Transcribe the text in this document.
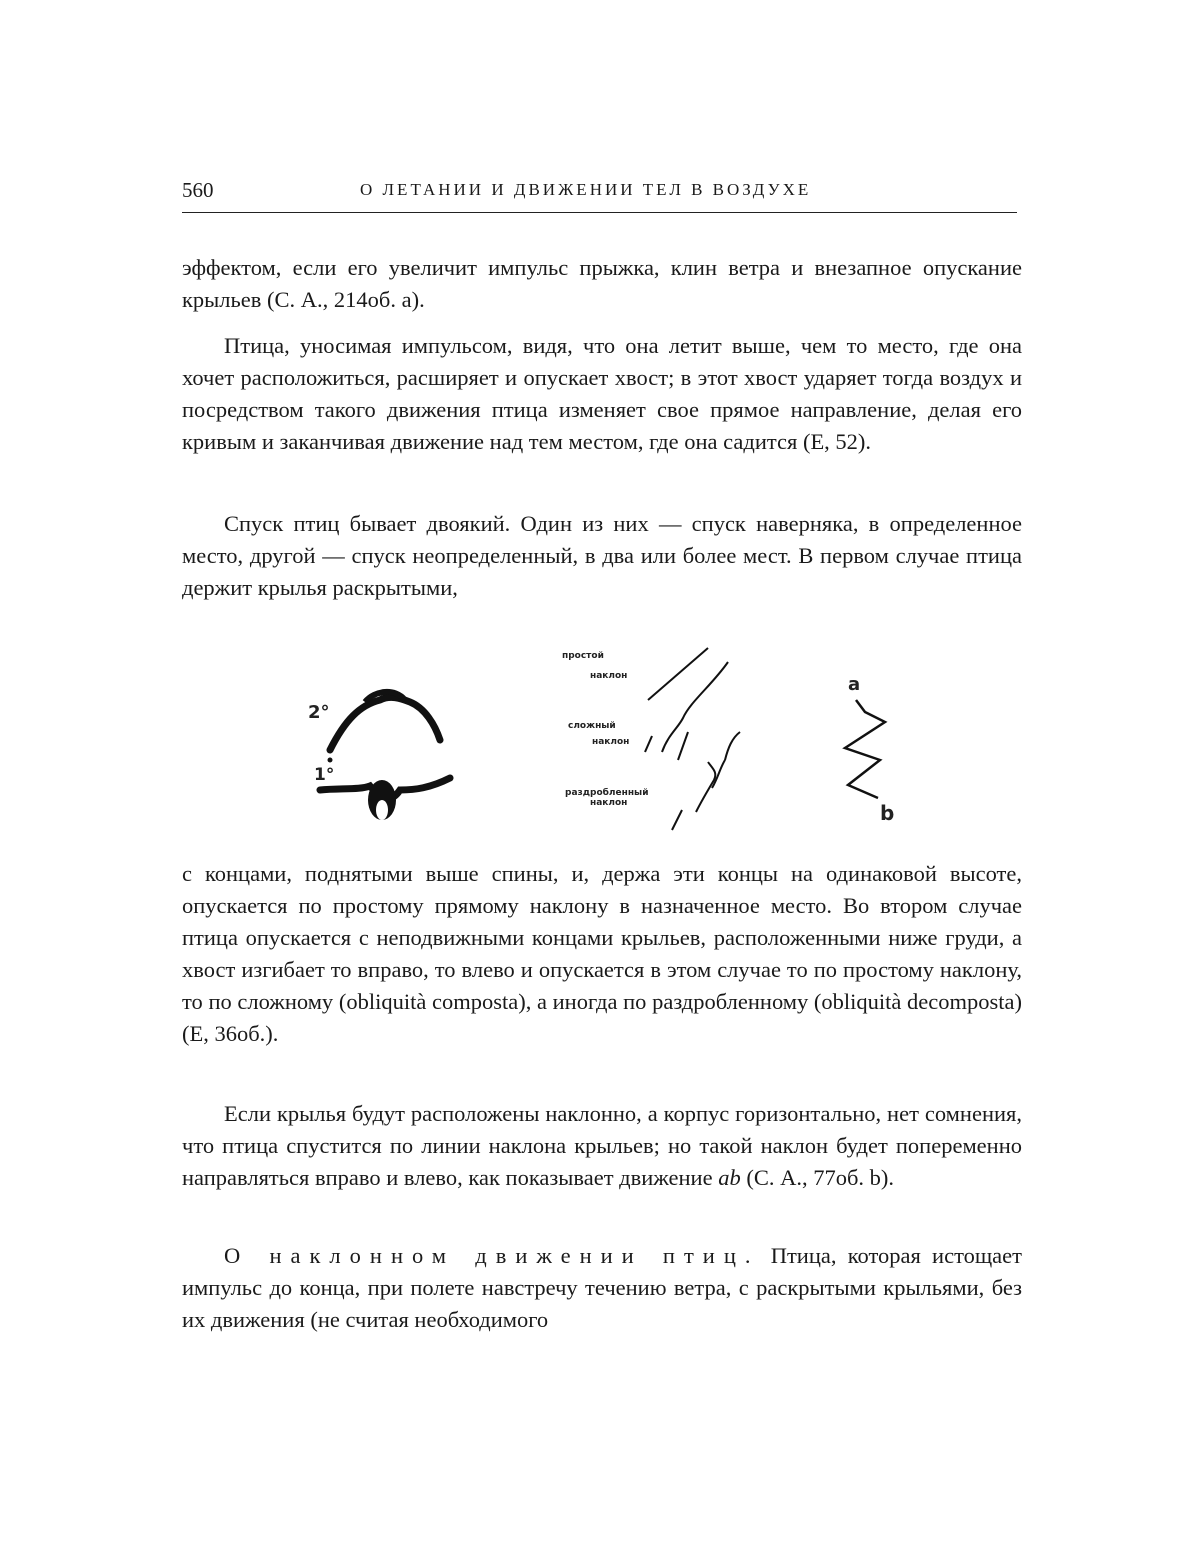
560	О ЛЕТАНИИ И ДВИЖЕНИИ ТЕЛ В ВОЗДУХЕ

эффектом, если его увеличит импульс прыжка, клин ветра и внезапное опускание крыльев (С. А., 214об. а).

Птица, уносимая импульсом, видя, что она летит выше, чем то место, где она хочет расположиться, расширяет и опускает хвост; в этот хвост ударяет тогда воздух и посредством такого движения птица изменяет свое прямое направление, делая его кривым и заканчивая движение над тем местом, где она садится (Е, 52).

Спуск птиц бывает двоякий. Один из них — спуск наверняка, в определенное место, другой — спуск неопределенный, в два или более мест. В первом случае птица держит крылья раскрытыми,

2°
1°
простой
наклон
сложный
наклон
раздробленный
наклон
a
b

с концами, поднятыми выше спины, и, держа эти концы на одинаковой высоте, опускается по простому прямому наклону в назначенное место. Во втором случае птица опускается с неподвижными концами крыльев, расположенными ниже груди, а хвост изгибает то вправо, то влево и опускается в этом случае то по простому наклону, то по сложному (obliquità composta), а иногда по раздробленному (obliquità decomposta) (Е, 36об.).

Если крылья будут расположены наклонно, а корпус горизонтально, нет сомнения, что птица спустится по линии наклона крыльев; но такой наклон будет попеременно направляться вправо и влево, как показывает движение ab (С. А., 77об. b).

О наклонном движении птиц. Птица, которая истощает импульс до конца, при полете навстречу течению ветра, с раскрытыми крыльями, без их движения (не считая необходимого
